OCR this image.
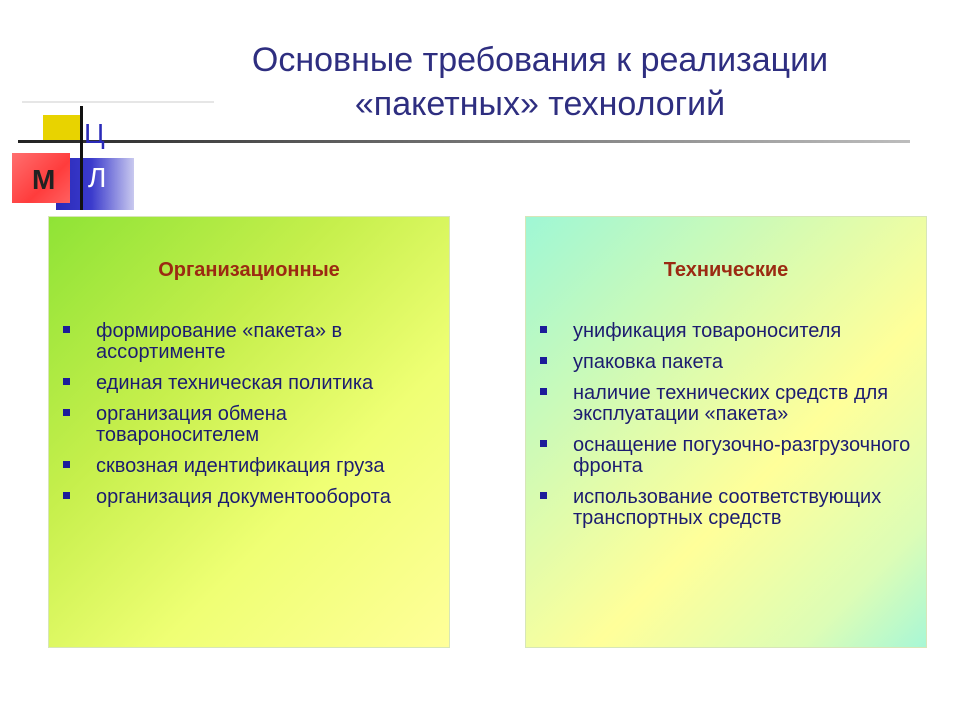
Основные требования к реализации
«пакетных» технологий
Ц
М Л
Организационные
формирование «пакета» в ассортименте
единая техническая политика
организация обмена товароносителем
сквозная идентификация груза
организация документооборота
Технические
унификация товароносителя
упаковка пакета
наличие технических средств для эксплуатации «пакета»
оснащение погузочно-разгрузочного фронта
использование соответствующих транспортных средств
